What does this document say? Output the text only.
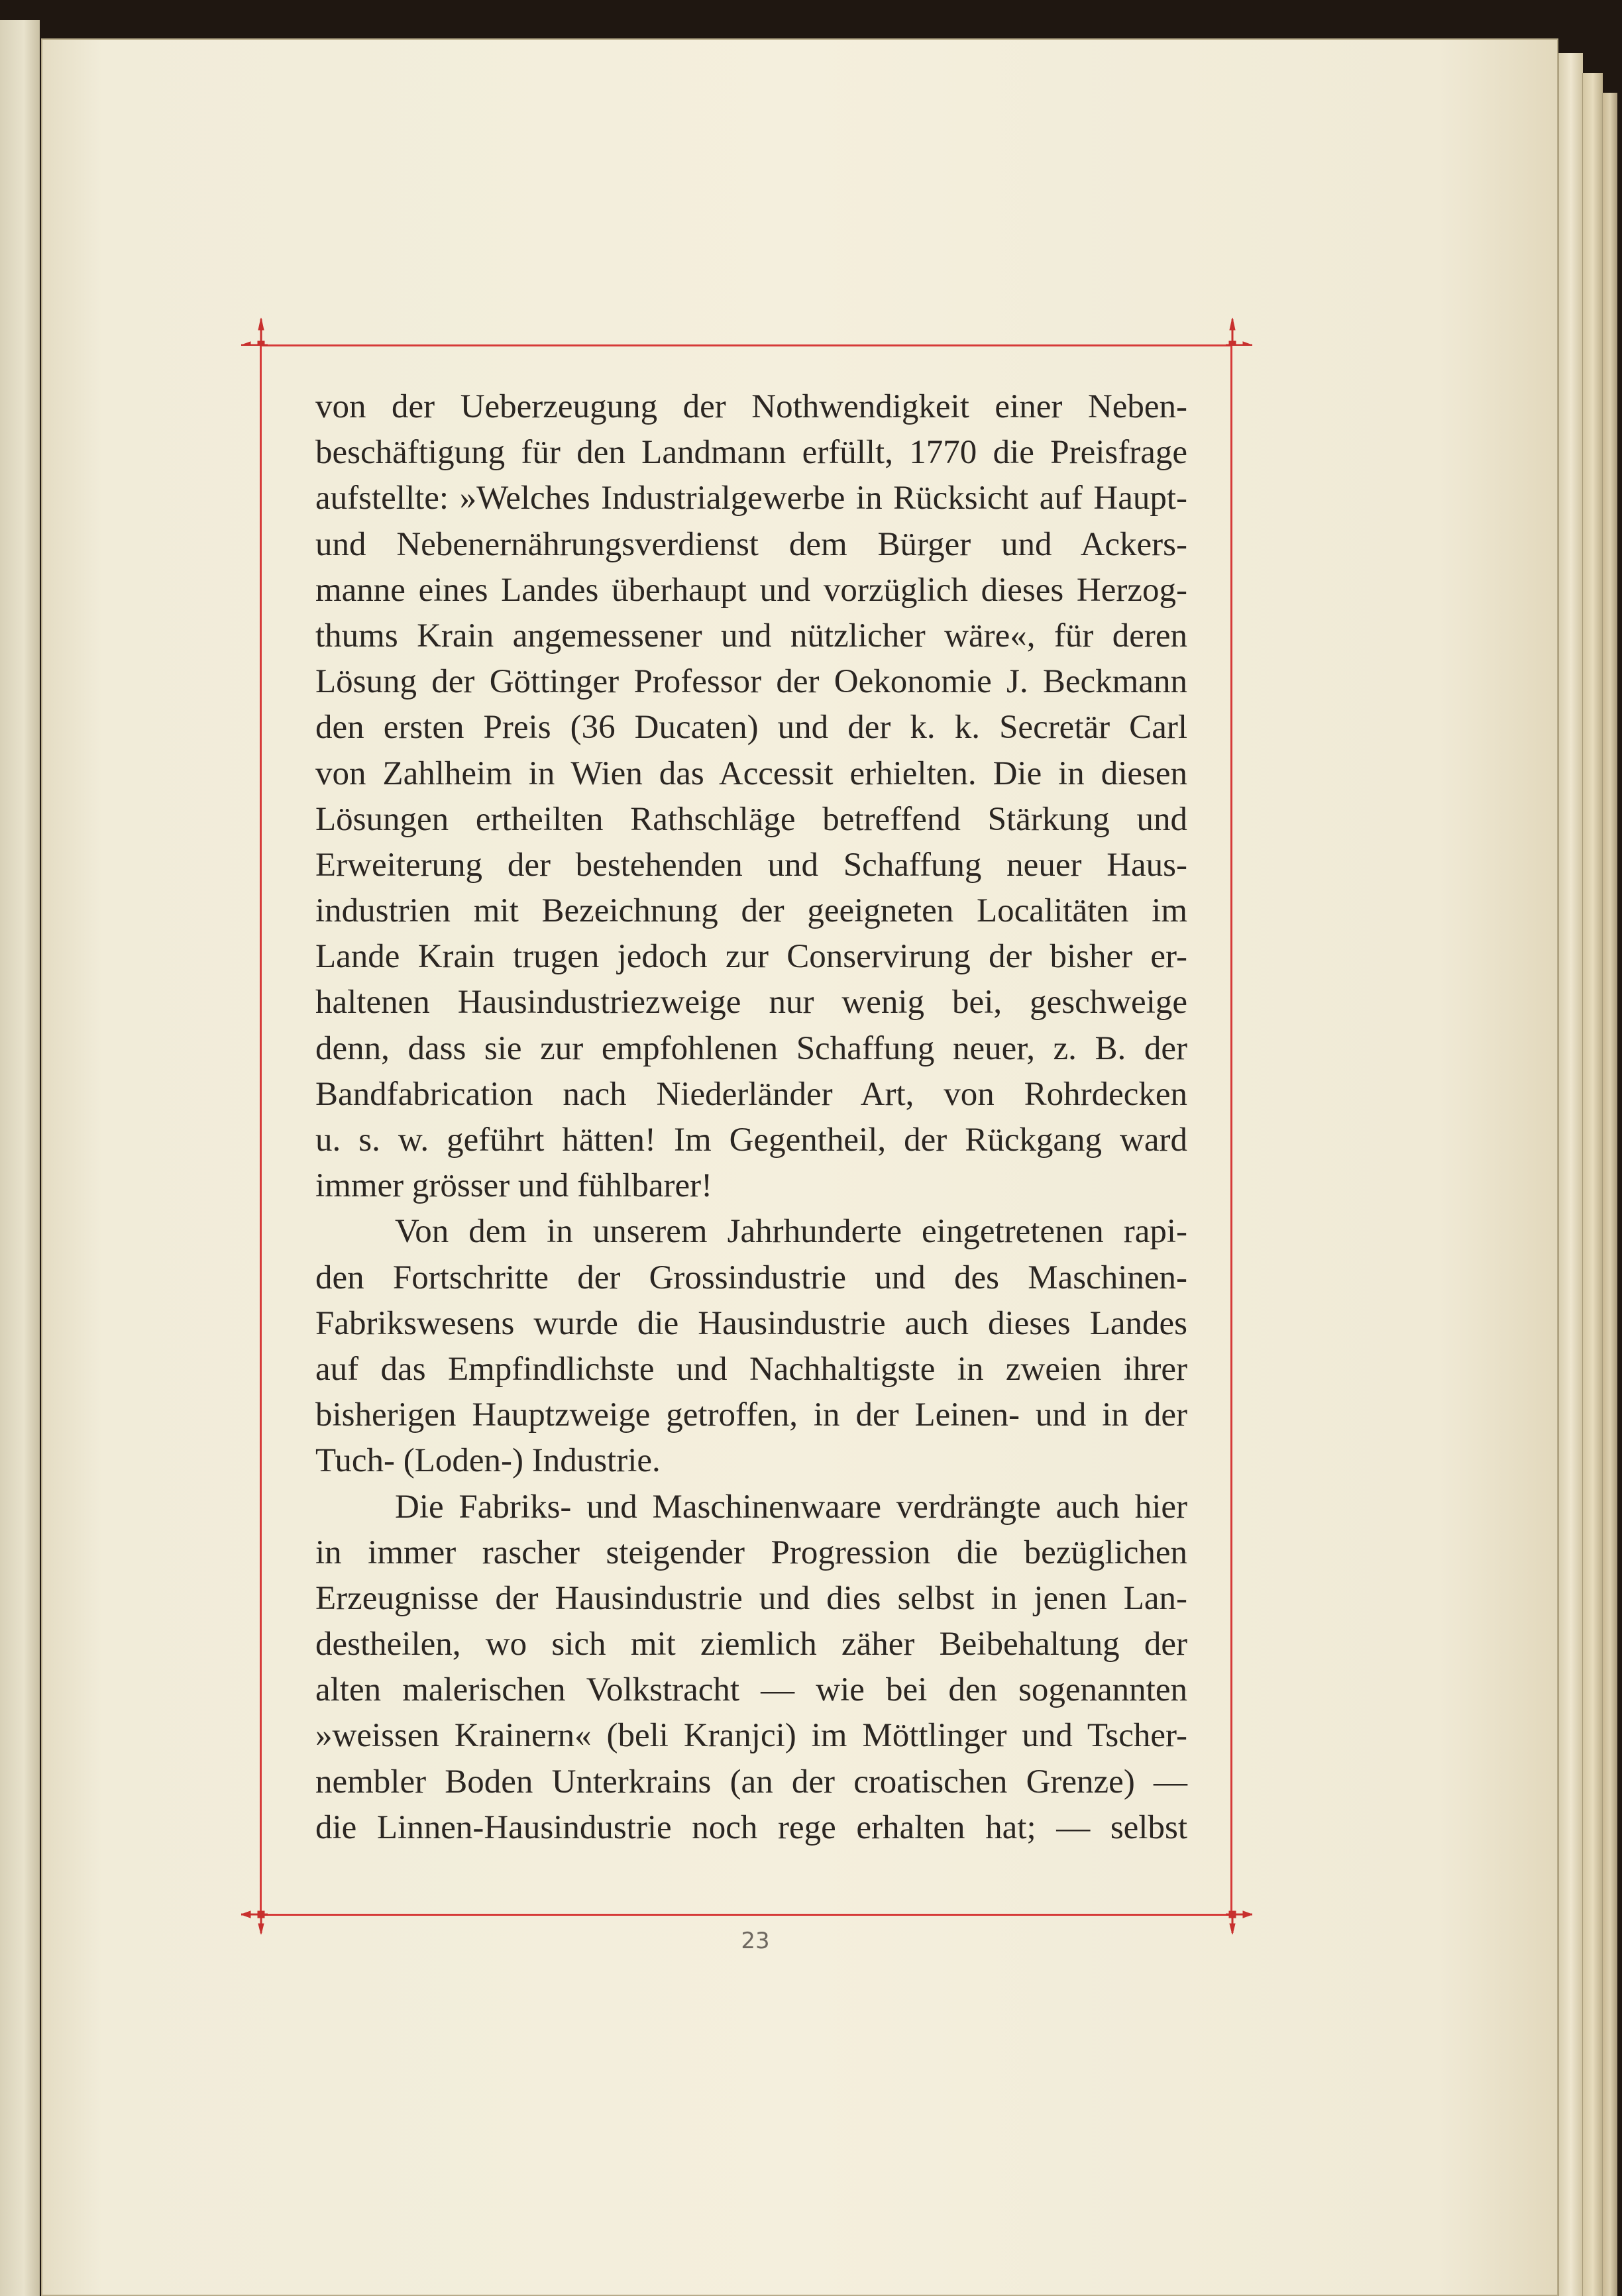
von der Ueberzeugung der Nothwendigkeit einer Neben-
beschäftigung für den Landmann erfüllt, 1770 die Preisfrage
aufstellte: »Welches Industrialgewerbe in Rücksicht auf Haupt-
und Nebenernährungsverdienst dem Bürger und Ackers-
manne eines Landes überhaupt und vorzüglich dieses Herzog-
thums Krain angemessener und nützlicher wäre«, für deren
Lösung der Göttinger Professor der Oekonomie J. Beckmann
den ersten Preis (36 Ducaten) und der k. k. Secretär Carl
von Zahlheim in Wien das Accessit erhielten. Die in diesen
Lösungen ertheilten Rathschläge betreffend Stärkung und
Erweiterung der bestehenden und Schaffung neuer Haus-
industrien mit Bezeichnung der geeigneten Localitäten im
Lande Krain trugen jedoch zur Conservirung der bisher er-
haltenen Hausindustriezweige nur wenig bei, geschweige
denn, dass sie zur empfohlenen Schaffung neuer, z. B. der
Bandfabrication nach Niederländer Art, von Rohrdecken
u. s. w. geführt hätten! Im Gegentheil, der Rückgang ward
immer grösser und fühlbarer!
Von dem in unserem Jahrhunderte eingetretenen rapi-
den Fortschritte der Grossindustrie und des Maschinen-
Fabrikswesens wurde die Hausindustrie auch dieses Landes
auf das Empfindlichste und Nachhaltigste in zweien ihrer
bisherigen Hauptzweige getroffen, in der Leinen- und in der
Tuch- (Loden-) Industrie.
Die Fabriks- und Maschinenwaare verdrängte auch hier
in immer rascher steigender Progression die bezüglichen
Erzeugnisse der Hausindustrie und dies selbst in jenen Lan-
destheilen, wo sich mit ziemlich zäher Beibehaltung der
alten malerischen Volkstracht — wie bei den sogenannten
»weissen Krainern« (beli Kranjci) im Möttlinger und Tscher-
nembler Boden Unterkrains (an der croatischen Grenze) —
die Linnen-Hausindustrie noch rege erhalten hat; — selbst
23
